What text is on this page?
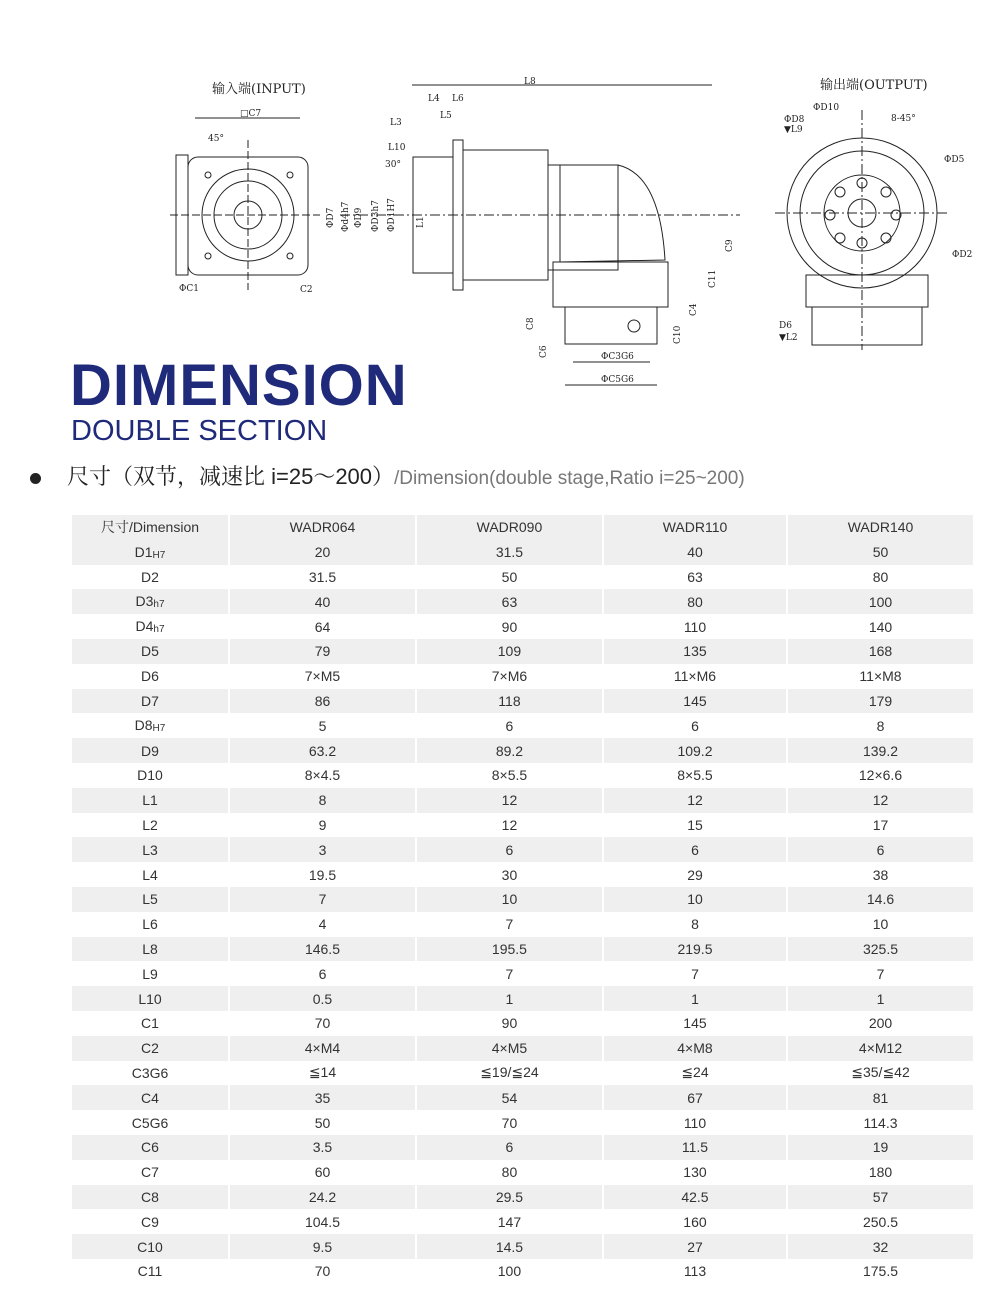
输入端(INPUT)	输出端(OUTPUT)
□C7
45°
ΦC1	C2
L8
L4 L6
L3
L5
L10
30°
ΦD7 Φd4h7 ΦD9 ΦD3h7 ΦD1H7 L1
C9
C11
C4
C10
C8
C6	ΦC3G6
ΦC5G6
ΦD8
▼L9
ΦD10
8-45°
ΦD5
ΦD2
D6
▼L2
DIMENSION
DOUBLE SECTION
尺寸（双节，减速比 i=25～200）/Dimension(double stage,Ratio i=25~200)
尺寸/Dimension	WADR064	WADR090	WADR110	WADR140
$D1_{H7}$	20	31.5	40	50
D2	31.5	50	63	80
$D3_{h7}$	40	63	80	100
$D4_{h7}$	64	90	110	140
D5	79	109	135	168
D6	7×M5	7×M6	11×M6	11×M8
D7	86	118	145	179
$D8_{H7}$	5	6	6	8
D9	63.2	89.2	109.2	139.2
D10	8×4.5	8×5.5	8×5.5	12×6.6
L1	8	12	12	12
L2	9	12	15	17
L3	3	6	6	6
L4	19.5	30	29	38
L5	7	10	10	14.6
L6	4	7	8	10
L8	146.5	195.5	219.5	325.5
L9	6	7	7	7
L10	0.5	1	1	1
C1	70	90	145	200
C2	4×M4	4×M5	4×M8	4×M12
C3G6	≦14	≦19/≦24	≦24	≦35/≦42
C4	35	54	67	81
C5G6	50	70	110	114.3
C6	3.5	6	11.5	19
C7	60	80	130	180
C8	24.2	29.5	42.5	57
C9	104.5	147	160	250.5
C10	9.5	14.5	27	32
C11	70	100	113	175.5
